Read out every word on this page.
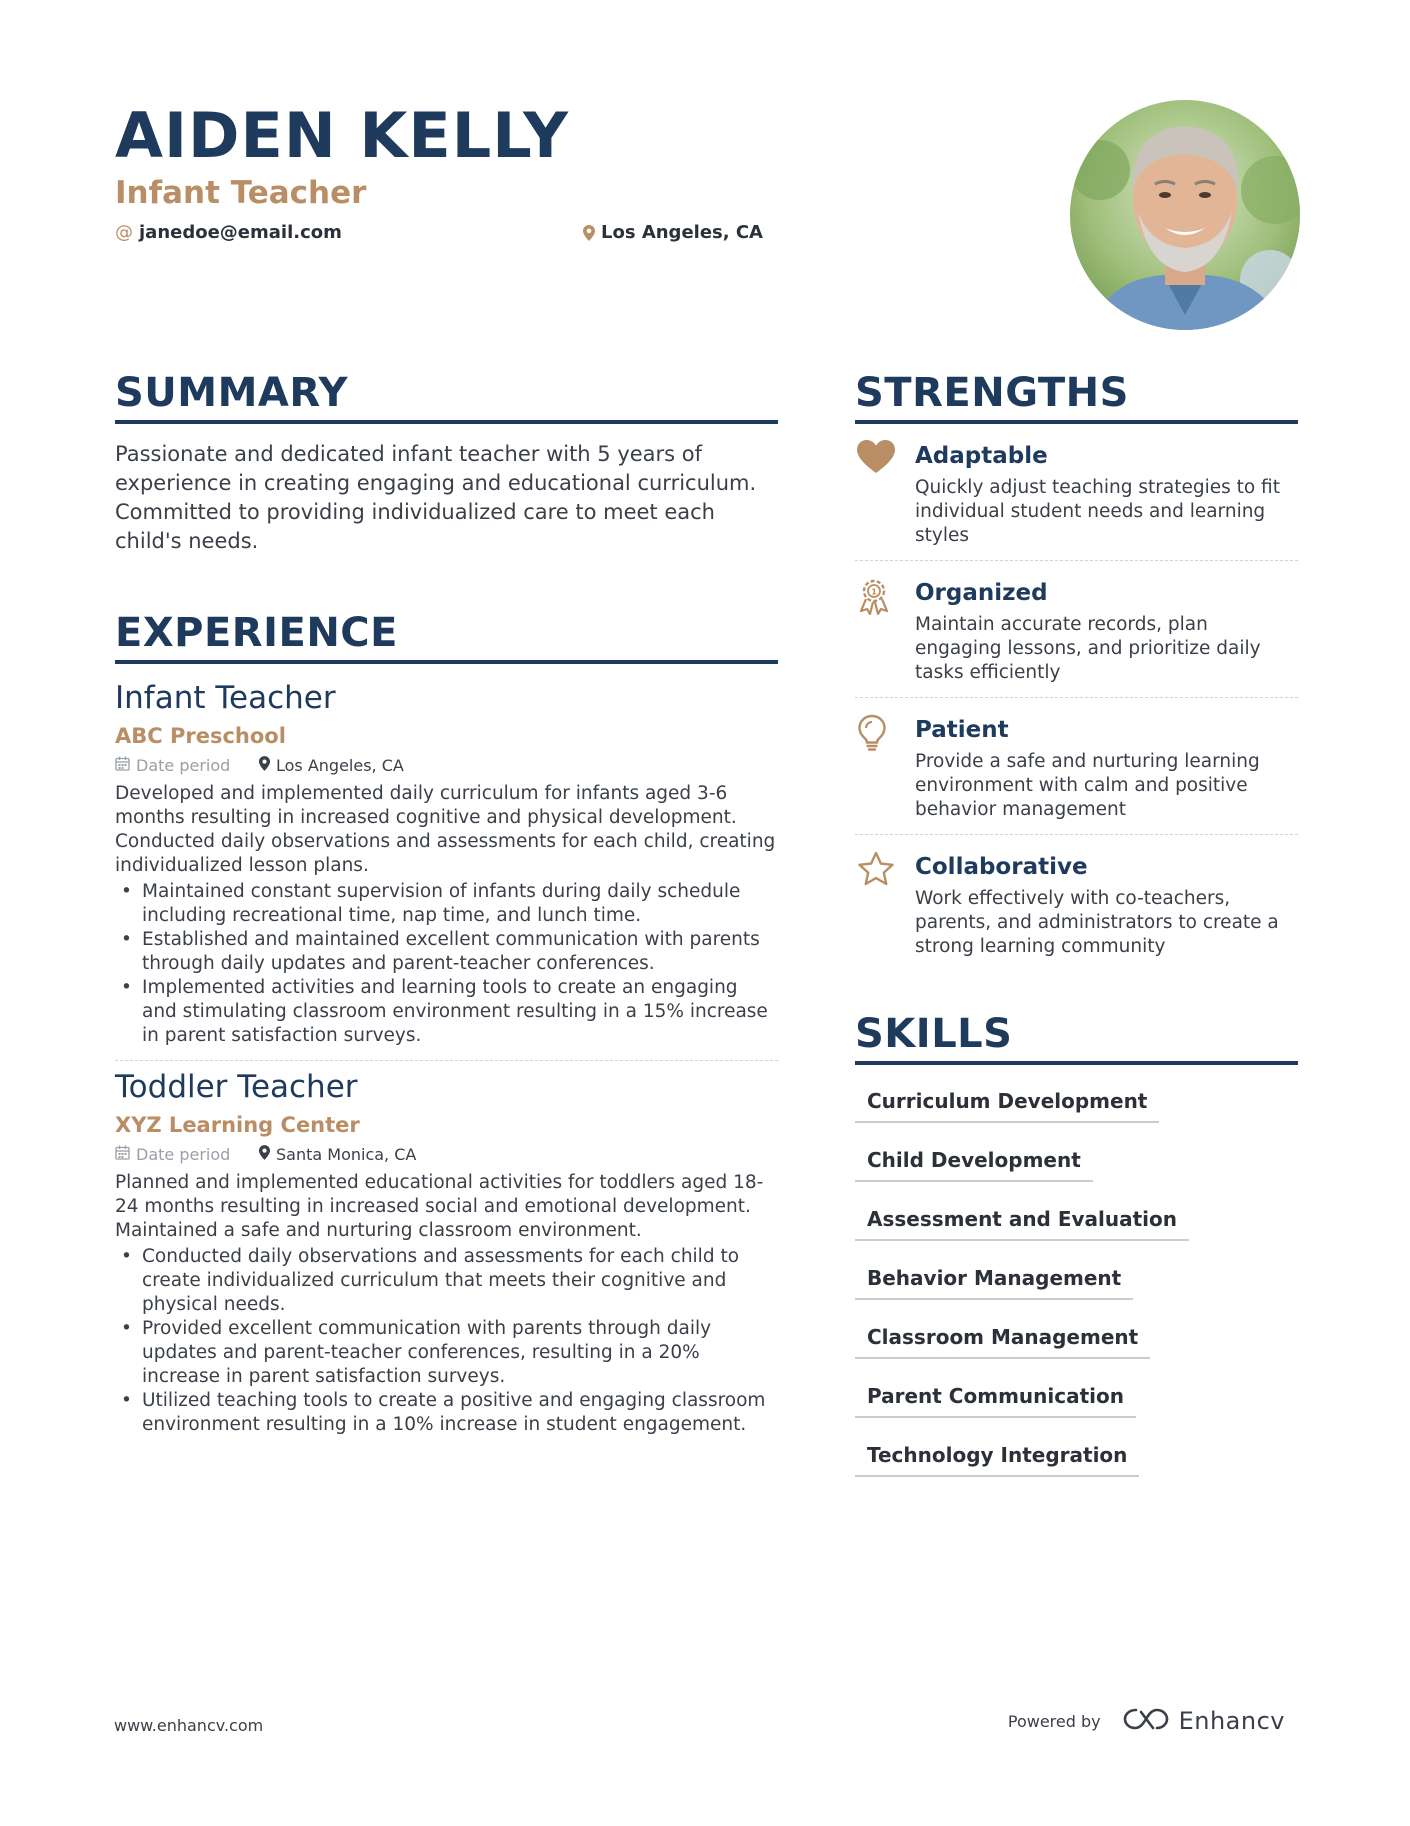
AIDEN KELLY
Infant Teacher
@ janedoe@email.com	Los Angeles, CA
SUMMARY
Passionate and dedicated infant teacher with 5 years of experience in creating engaging and educational curriculum. Committed to providing individualized care to meet each child's needs.
EXPERIENCE
Infant Teacher
ABC Preschool
Date period	Los Angeles, CA
Developed and implemented daily curriculum for infants aged 3-6 months resulting in increased cognitive and physical development. Conducted daily observations and assessments for each child, creating individualized lesson plans.
• Maintained constant supervision of infants during daily schedule including recreational time, nap time, and lunch time.
• Established and maintained excellent communication with parents through daily updates and parent-teacher conferences.
• Implemented activities and learning tools to create an engaging and stimulating classroom environment resulting in a 15% increase in parent satisfaction surveys.
Toddler Teacher
XYZ Learning Center
Date period	Santa Monica, CA
Planned and implemented educational activities for toddlers aged 18-24 months resulting in increased social and emotional development. Maintained a safe and nurturing classroom environment.
• Conducted daily observations and assessments for each child to create individualized curriculum that meets their cognitive and physical needs.
• Provided excellent communication with parents through daily updates and parent-teacher conferences, resulting in a 20% increase in parent satisfaction surveys.
• Utilized teaching tools to create a positive and engaging classroom environment resulting in a 10% increase in student engagement.
STRENGTHS
Adaptable
Quickly adjust teaching strategies to fit individual student needs and learning styles
1 Organized
Maintain accurate records, plan engaging lessons, and prioritize daily tasks efficiently
Patient
Provide a safe and nurturing learning environment with calm and positive behavior management
Collaborative
Work effectively with co-teachers, parents, and administrators to create a strong learning community
SKILLS
Curriculum Development
Child Development
Assessment and Evaluation
Behavior Management
Classroom Management
Parent Communication
Technology Integration
www.enhancv.com	Powered by	Enhancv
